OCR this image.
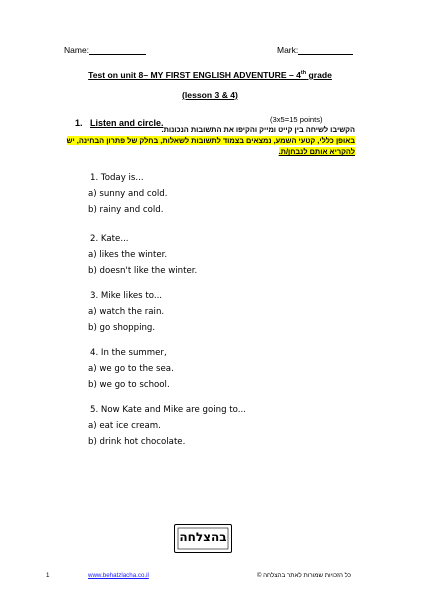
Name:	Mark:
Test on unit 8– MY FIRST ENGLISH ADVENTURE – 4th grade
(lesson 3 & 4)
1. Listen and circle.	(3x5=15 points)
הקשיבו לשיחה בין קייט ומייק והקיפו את התשובות הנכונות.
באופן כללי, קטעי השמע, נמצאים בצמוד לתשובות לשאלות, בחלק של פתרון הבחינה, יש
להקריא אותם לנבחן/ת.
1. Today is...
a) sunny and cold.
b) rainy and cold.
2. Kate...
a) likes the winter.
b) doesn't like the winter.
3. Mike likes to...
a) watch the rain.
b) go shopping.
4. In the summer,
a) we go to the sea.
b) we go to school.
5. Now Kate and Mike are going to...
a) eat ice cream.
b) drink hot chocolate.
בהצלחה
1	www.behatzlacha.co.il	כל הזכויות שמורות לאתר בהצלחה ©
